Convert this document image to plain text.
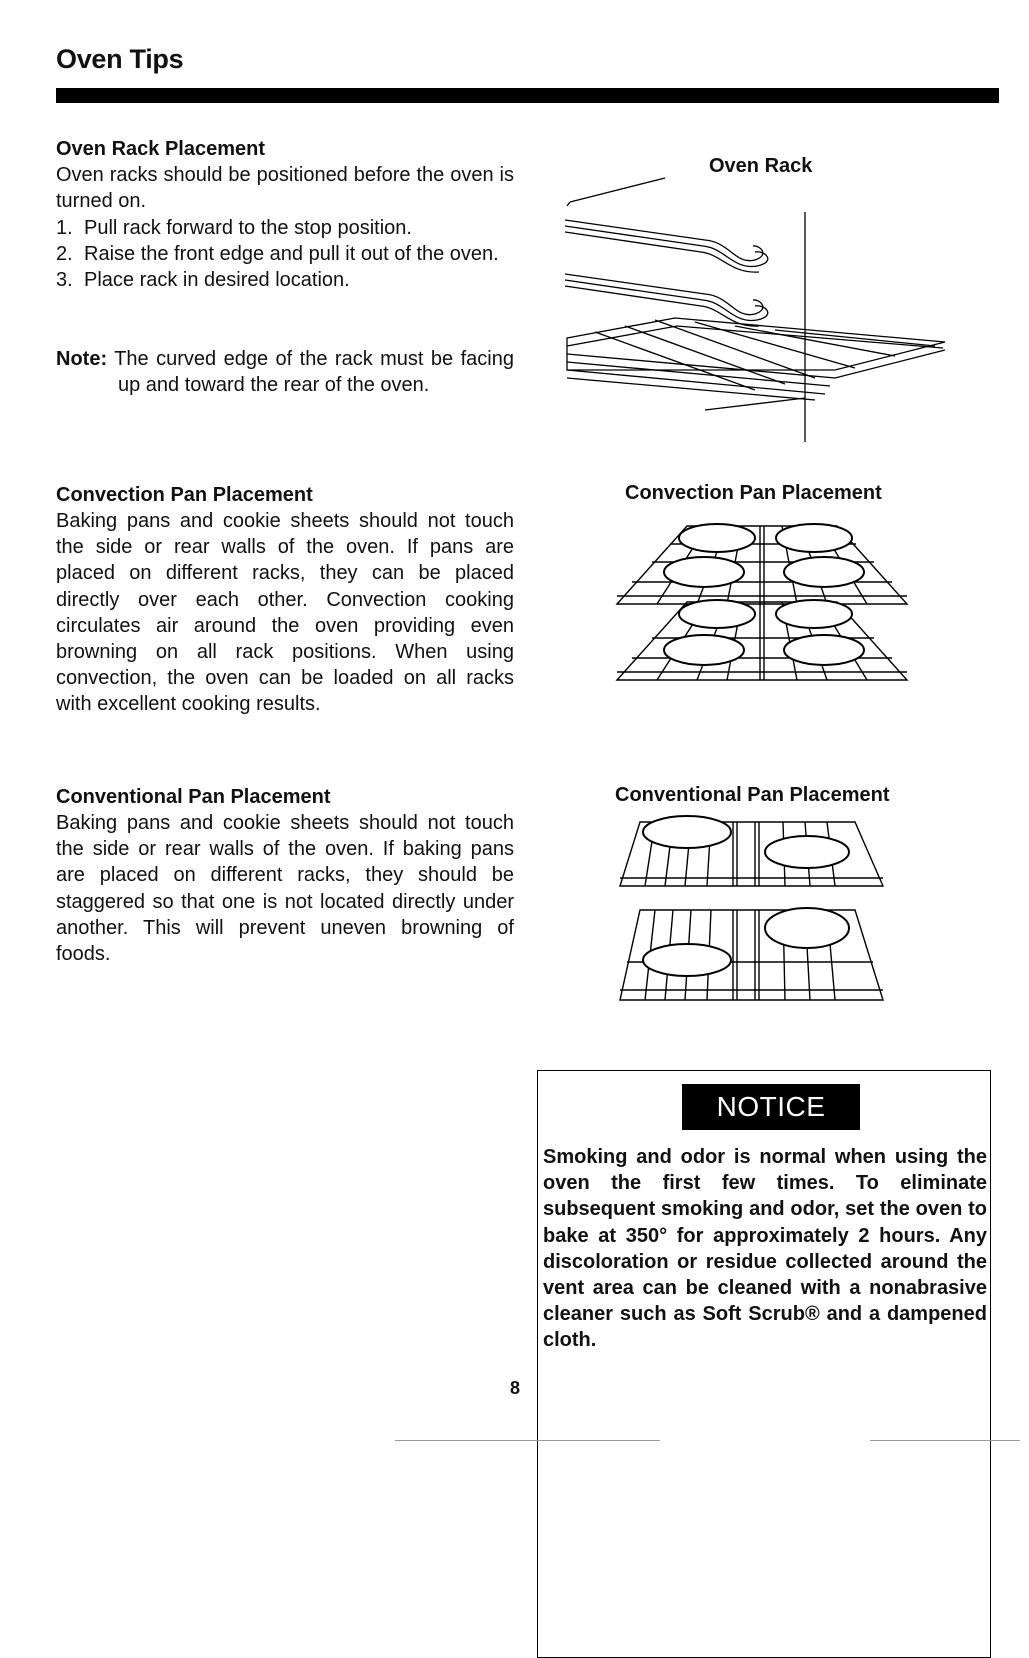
Oven Tips
Oven Rack Placement

Oven racks should be positioned before the oven is turned on.

1. Pull rack forward to the stop position.
2. Raise the front edge and pull it out of the oven.
3. Place rack in desired location.
Note: The curved edge of the rack must be facing up and toward the rear of the oven.
Oven Rack
Convection Pan Placement

Baking pans and cookie sheets should not touch the side or rear walls of the oven. If pans are placed on different racks, they can be placed directly over each other. Convection cooking circulates air around the oven providing even browning on all rack positions. When using convection, the oven can be loaded on all racks with excellent cooking results.

Convection Pan Placement
Conventional Pan Placement

Baking pans and cookie sheets should not touch the side or rear walls of the oven. If baking pans are placed on different racks, they should be staggered so that one is not located directly under another. This will prevent uneven browning of foods.

Conventional Pan Placement
NOTICE
Smoking and odor is normal when using the oven the first few times. To eliminate subsequent smoking and odor, set the oven to bake at 350° for approximately 2 hours. Any discoloration or residue collected around the vent area can be cleaned with a nonabrasive cleaner such as Soft Scrub® and a dampened cloth.
8
